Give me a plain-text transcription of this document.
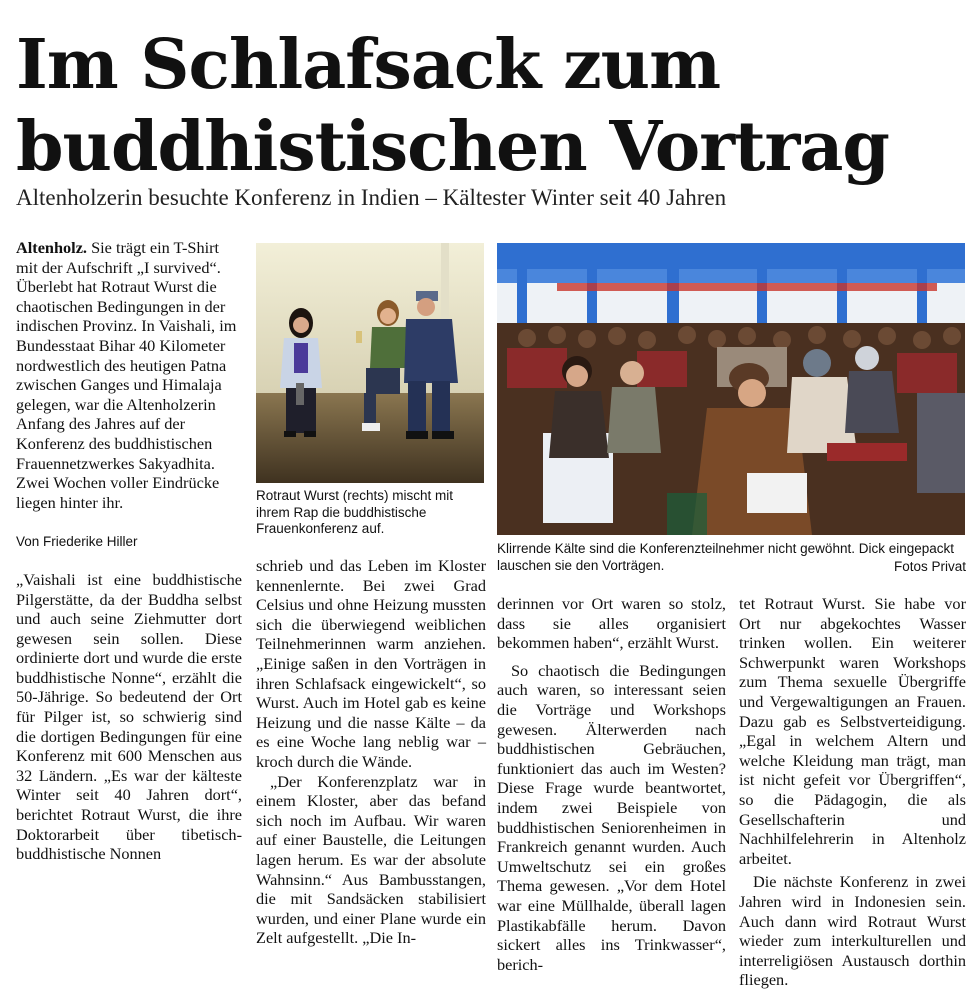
Im Schlafsack zum
buddhistischen Vortrag

Altenholzerin besuchte Konferenz in Indien – Kältester Winter seit 40 Jahren

Altenholz. Sie trägt ein T-Shirt mit der Aufschrift „I survived“. Überlebt hat Rotraut Wurst die chaotischen Bedingungen in der indischen Provinz. In Vaishali, im Bundesstaat Bihar 40 Kilometer nordwestlich des heutigen Patna zwischen Ganges und Himalaja gelegen, war die Altenholzerin Anfang des Jahres auf der Konferenz des buddhistischen Frauennetzwerkes Sakyadhita. Zwei Wochen voller Eindrücke liegen hinter ihr.

Von Friederike Hiller

„Vaishali ist eine buddhistische Pilgerstätte, da der Buddha selbst und auch seine Ziehmutter dort gewesen sein sollen. Diese ordinierte dort und wurde die erste buddhistische Nonne“, erzählt die 50-Jährige. So bedeutend der Ort für Pilger ist, so schwierig sind die dortigen Bedingungen für eine Konferenz mit 600 Menschen aus 32 Ländern. „Es war der kälteste Winter seit 40 Jahren dort“, berichtet Rotraut Wurst, die ihre Doktorarbeit über tibetisch-buddhistische Nonnen

Rotraut Wurst (rechts) mischt mit ihrem Rap die buddhistische Frauenkonferenz auf.

Klirrende Kälte sind die Konferenzteilnehmer nicht gewöhnt. Dick eingepackt lauschen sie den Vorträgen.	Fotos Privat

schrieb und das Leben im Kloster kennenlernte. Bei zwei Grad Celsius und ohne Heizung mussten sich die überwiegend weiblichen Teilnehmerinnen warm anziehen. „Einige saßen in den Vorträgen in ihren Schlafsack eingewickelt“, so Wurst. Auch im Hotel gab es keine Heizung und die nasse Kälte – da es eine Woche lang neblig war – kroch durch die Wände.

„Der Konferenzplatz war in einem Kloster, aber das befand sich noch im Aufbau. Wir waren auf einer Baustelle, die Leitungen lagen herum. Es war der absolute Wahnsinn.“ Aus Bambusstangen, die mit Sandsäcken stabilisiert wurden, und einer Plane wurde ein Zelt aufgestellt. „Die In-

derinnen vor Ort waren so stolz, dass sie alles organisiert bekommen haben“, erzählt Wurst.

So chaotisch die Bedingungen auch waren, so interessant seien die Vorträge und Workshops gewesen. Älterwerden nach buddhistischen Gebräuchen, funktioniert das auch im Westen? Diese Frage wurde beantwortet, indem zwei Beispiele von buddhistischen Seniorenheimen in Frankreich genannt wurden. Auch Umweltschutz sei ein großes Thema gewesen. „Vor dem Hotel war eine Müllhalde, überall lagen Plastikabfälle herum. Davon sickert alles ins Trinkwasser“, berich-

tet Rotraut Wurst. Sie habe vor Ort nur abgekochtes Wasser trinken wollen. Ein weiterer Schwerpunkt waren Workshops zum Thema sexuelle Übergriffe und Vergewaltigungen an Frauen. Dazu gab es Selbstverteidigung. „Egal in welchem Altern und welche Kleidung man trägt, man ist nicht gefeit vor Übergriffen“, so die Pädagogin, die als Gesellschafterin und Nachhilfelehrerin in Altenholz arbeitet.

Die nächste Konferenz in zwei Jahren wird in Indonesien sein. Auch dann wird Rotraut Wurst wieder zum interkulturellen und interreligiösen Austausch dorthin fliegen.
